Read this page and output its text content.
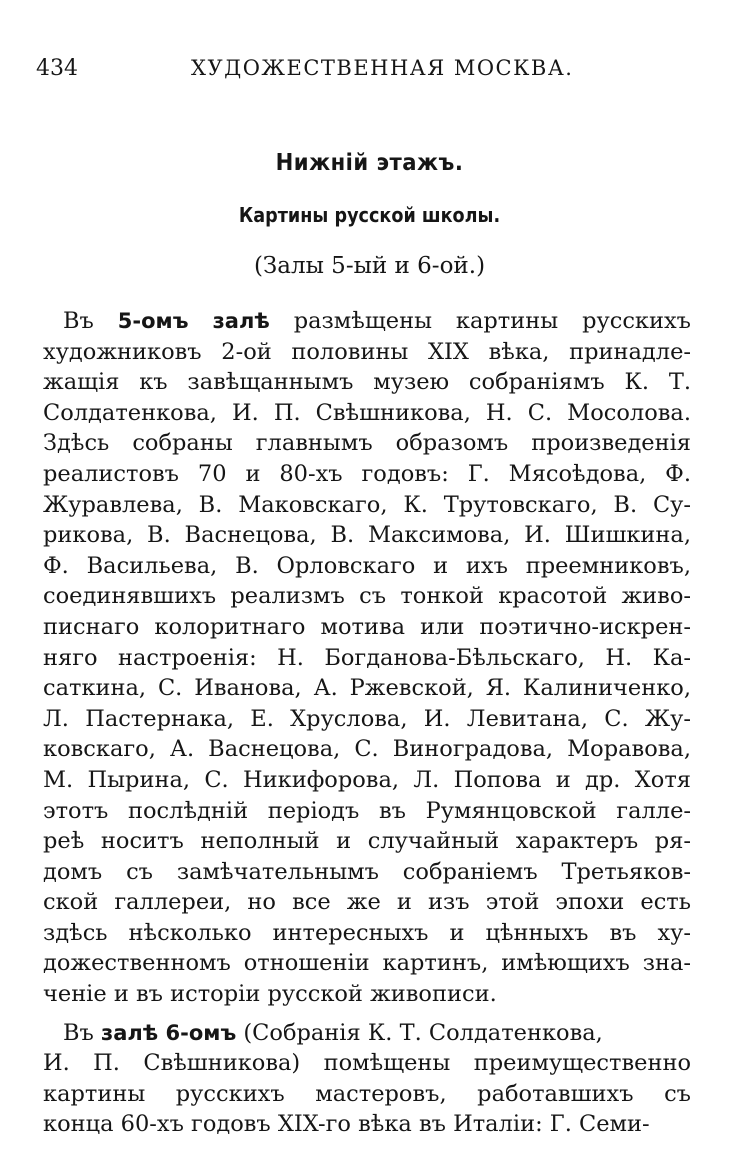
434	ХУДОЖЕСТВЕННАЯ МОСКВА.
Нижнiй этажъ.
Картины русской школы.
(Залы 5-ый и 6-ой.)
Въ 5-омъ залѣ размѣщены картины русскихъ
художниковъ 2-ой половины XIX вѣка, принадле-
жащiя къ завѣщаннымъ музею собранiямъ К. Т.
Солдатенкова, И. П. Свѣшникова, Н. С. Мосолова.
Здѣсь собраны главнымъ образомъ произведенiя
реалистовъ 70 и 80-хъ годовъ: Г. Мясоѣдова, Ф.
Журавлева, В. Маковскаго, К. Трутовскаго, В. Су-
рикова, В. Васнецова, В. Максимова, И. Шишкина,
Ф. Васильева, В. Орловскаго и ихъ преемниковъ,
соединявшихъ реализмъ съ тонкой красотой живо-
писнаго колоритнаго мотива или поэтично-искрен-
няго настроенiя: Н. Богданова-Бѣльскаго, Н. Ка-
саткина, С. Иванова, А. Ржевской, Я. Калиниченко,
Л. Пастернака, Е. Хруслова, И. Левитана, С. Жу-
ковскаго, А. Васнецова, С. Виноградова, Моравова,
М. Пырина, С. Никифорова, Л. Попова и др. Хотя
этотъ послѣднiй перiодъ въ Румянцовской галле-
реѣ носитъ неполный и случайный характеръ ря-
домъ съ замѣчательнымъ собранiемъ Третьяков-
ской галлереи, но все же и изъ этой эпохи есть
здѣсь нѣсколько интересныхъ и цѣнныхъ въ ху-
дожественномъ отношенiи картинъ, имѣющихъ зна-
ченiе и въ исторiи русской живописи.
Въ залѣ 6-омъ (Собранiя К. Т. Солдатенкова,
И. П. Свѣшникова) помѣщены преимущественно
картины русскихъ мастеровъ, работавшихъ съ
конца 60-хъ годовъ XIX-го вѣка въ Италiи: Г. Семи-
